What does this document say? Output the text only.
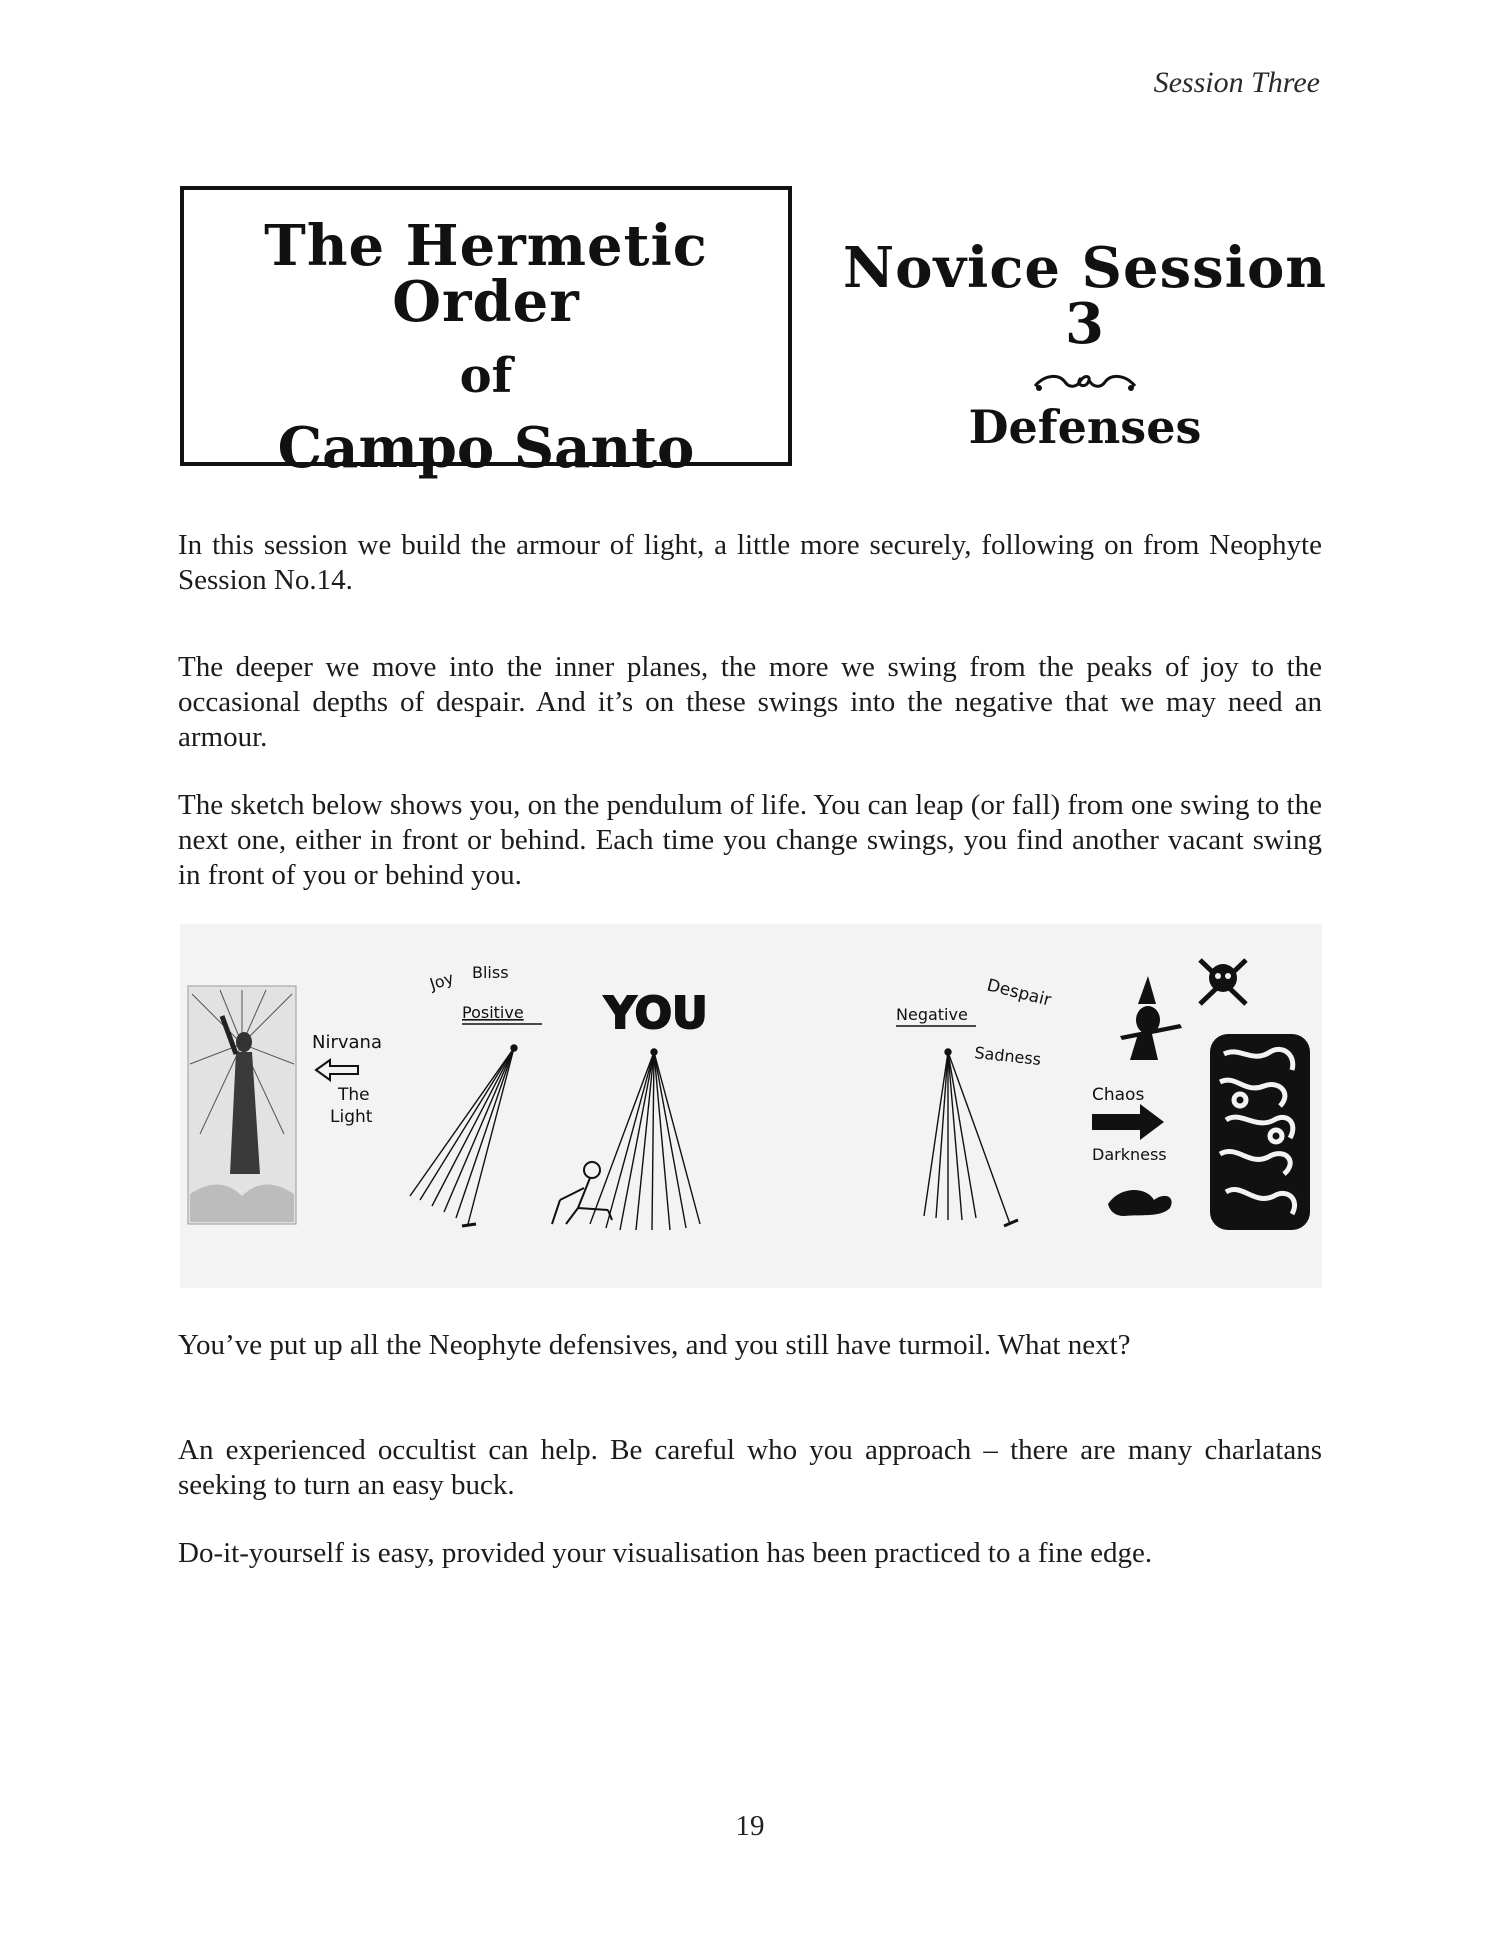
Session Three
The Hermetic Order
of
Campo Santo
Novice Session 3
Defenses

In this session we build the armour of light, a little more securely, following on from Neophyte Session No.14.

The deeper we move into the inner planes, the more we swing from the peaks of joy to the occasional depths of despair. And it’s on these swings into the negative that we may need an armour.

The sketch below shows you, on the pendulum of life. You can leap (or fall) from one swing to the next one, either in front or behind. Each time you change swings, you find another vacant swing in front of you or behind you.

Nirvana
The
Light
Joy Bliss
Positive YOU	Negative
Despair
Sadness
Chaos
Darkness

You’ve put up all the Neophyte defensives, and you still have turmoil. What next?

An experienced occultist can help. Be careful who you approach – there are many charlatans seeking to turn an easy buck.

Do-it-yourself is easy, provided your visualisation has been practiced to a fine edge.

19
